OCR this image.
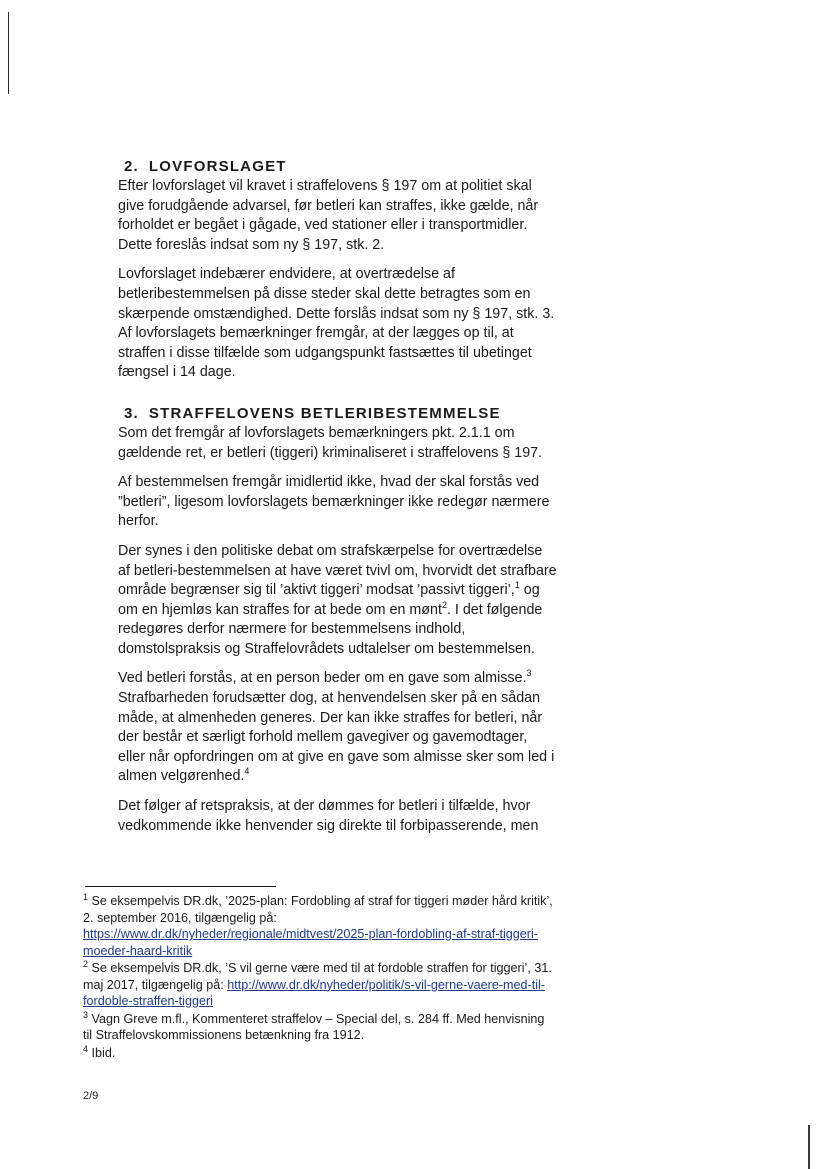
2. LOVFORSLAGET

Efter lovforslaget vil kravet i straffelovens § 197 om at politiet skal give forudgående advarsel, før betleri kan straffes, ikke gælde, når forholdet er begået i gågade, ved stationer eller i transportmidler. Dette foreslås indsat som ny § 197, stk. 2.

Lovforslaget indebærer endvidere, at overtrædelse af betleribestemmelsen på disse steder skal dette betragtes som en skærpende omstændighed. Dette forslås indsat som ny § 197, stk. 3. Af lovforslagets bemærkninger fremgår, at der lægges op til, at straffen i disse tilfælde som udgangspunkt fastsættes til ubetinget fængsel i 14 dage.

3. STRAFFELOVENS BETLERIBESTEMMELSE

Som det fremgår af lovforslagets bemærkningers pkt. 2.1.1 om gældende ret, er betleri (tiggeri) kriminaliseret i straffelovens § 197.

Af bestemmelsen fremgår imidlertid ikke, hvad der skal forstås ved ”betleri”, ligesom lovforslagets bemærkninger ikke redegør nærmere herfor.

Der synes i den politiske debat om strafskærpelse for overtrædelse af betleri-bestemmelsen at have været tvivl om, hvorvidt det strafbare område begrænser sig til ’aktivt tiggeri’ modsat ’passivt tiggeri’,$^1$ og om en hjemløs kan straffes for at bede om en mønt$^2$. I det følgende redegøres derfor nærmere for bestemmelsens indhold, domstolspraksis og Straffelovrådets udtalelser om bestemmelsen.

Ved betleri forstås, at en person beder om en gave som almisse.$^3$ Strafbarheden forudsætter dog, at henvendelsen sker på en sådan måde, at almenheden generes. Der kan ikke straffes for betleri, når der består et særligt forhold mellem gavegiver og gavemodtager, eller når opfordringen om at give en gave som almisse sker som led i almen velgørenhed.$^4$

Det følger af retspraksis, at der dømmes for betleri i tilfælde, hvor vedkommende ikke henvender sig direkte til forbipasserende, men

$^1$ Se eksempelvis DR.dk, ’2025-plan: Fordobling af straf for tiggeri møder hård kritik’, 2. september 2016, tilgængelig på: https://www.dr.dk/nyheder/regionale/midtvest/2025-plan-fordobling-af-straf-tiggeri-moeder-haard-kritik
$^2$ Se eksempelvis DR.dk, ’S vil gerne være med til at fordoble straffen for tiggeri’, 31. maj 2017, tilgængelig på: http://www.dr.dk/nyheder/politik/s-vil-gerne-vaere-med-til-fordoble-straffen-tiggeri
$^3$ Vagn Greve m.fl., Kommenteret straffelov – Special del, s. 284 ff. Med henvisning til Straffelovskommissionens betænkning fra 1912.
$^4$ Ibid.
2/9
